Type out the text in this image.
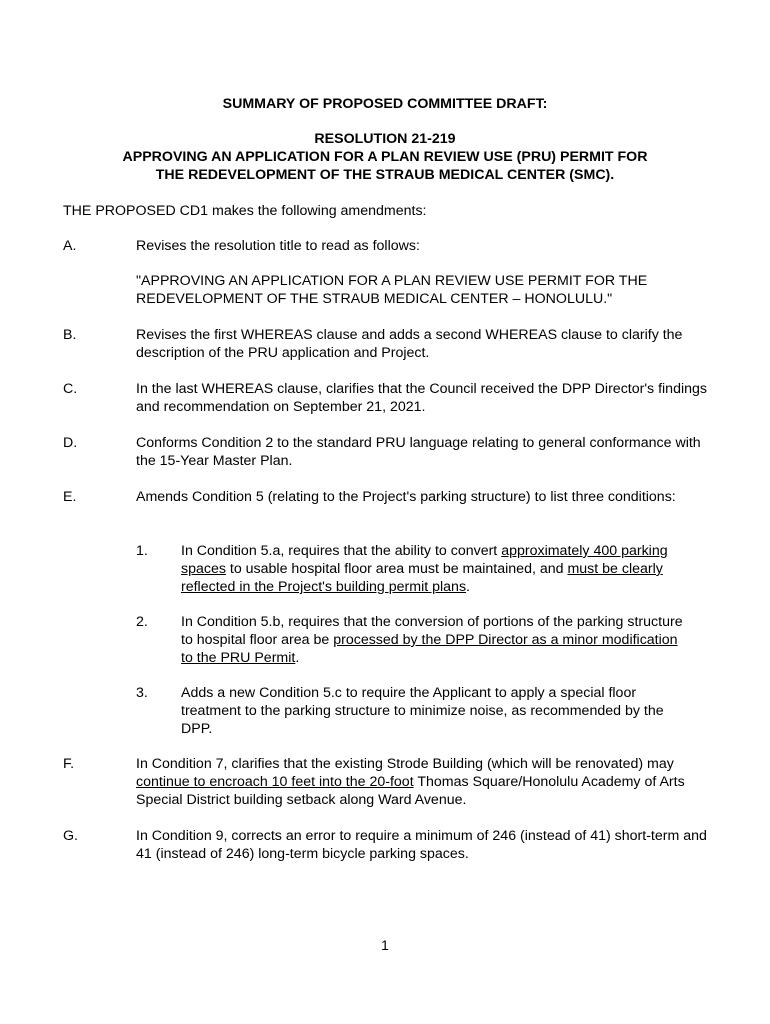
SUMMARY OF PROPOSED COMMITTEE DRAFT:
RESOLUTION 21-219
APPROVING AN APPLICATION FOR A PLAN REVIEW USE (PRU) PERMIT FOR
THE REDEVELOPMENT OF THE STRAUB MEDICAL CENTER (SMC).
THE PROPOSED CD1 makes the following amendments:
A.	Revises the resolution title to read as follows:
"APPROVING AN APPLICATION FOR A PLAN REVIEW USE PERMIT FOR THE REDEVELOPMENT OF THE STRAUB MEDICAL CENTER – HONOLULU."
B.	Revises the first WHEREAS clause and adds a second WHEREAS clause to clarify the description of the PRU application and Project.
C.	In the last WHEREAS clause, clarifies that the Council received the DPP Director's findings and recommendation on September 21, 2021.
D.	Conforms Condition 2 to the standard PRU language relating to general conformance with the 15-Year Master Plan.
E.	Amends Condition 5 (relating to the Project's parking structure) to list three conditions:
1. In Condition 5.a, requires that the ability to convert approximately 400 parking spaces to usable hospital floor area must be maintained, and must be clearly reflected in the Project's building permit plans.
2. In Condition 5.b, requires that the conversion of portions of the parking structure to hospital floor area be processed by the DPP Director as a minor modification to the PRU Permit.
3. Adds a new Condition 5.c to require the Applicant to apply a special floor treatment to the parking structure to minimize noise, as recommended by the DPP.
F.	In Condition 7, clarifies that the existing Strode Building (which will be renovated) may continue to encroach 10 feet into the 20-foot Thomas Square/Honolulu Academy of Arts Special District building setback along Ward Avenue.
G.	In Condition 9, corrects an error to require a minimum of 246 (instead of 41) short-term and 41 (instead of 246) long-term bicycle parking spaces.
1
